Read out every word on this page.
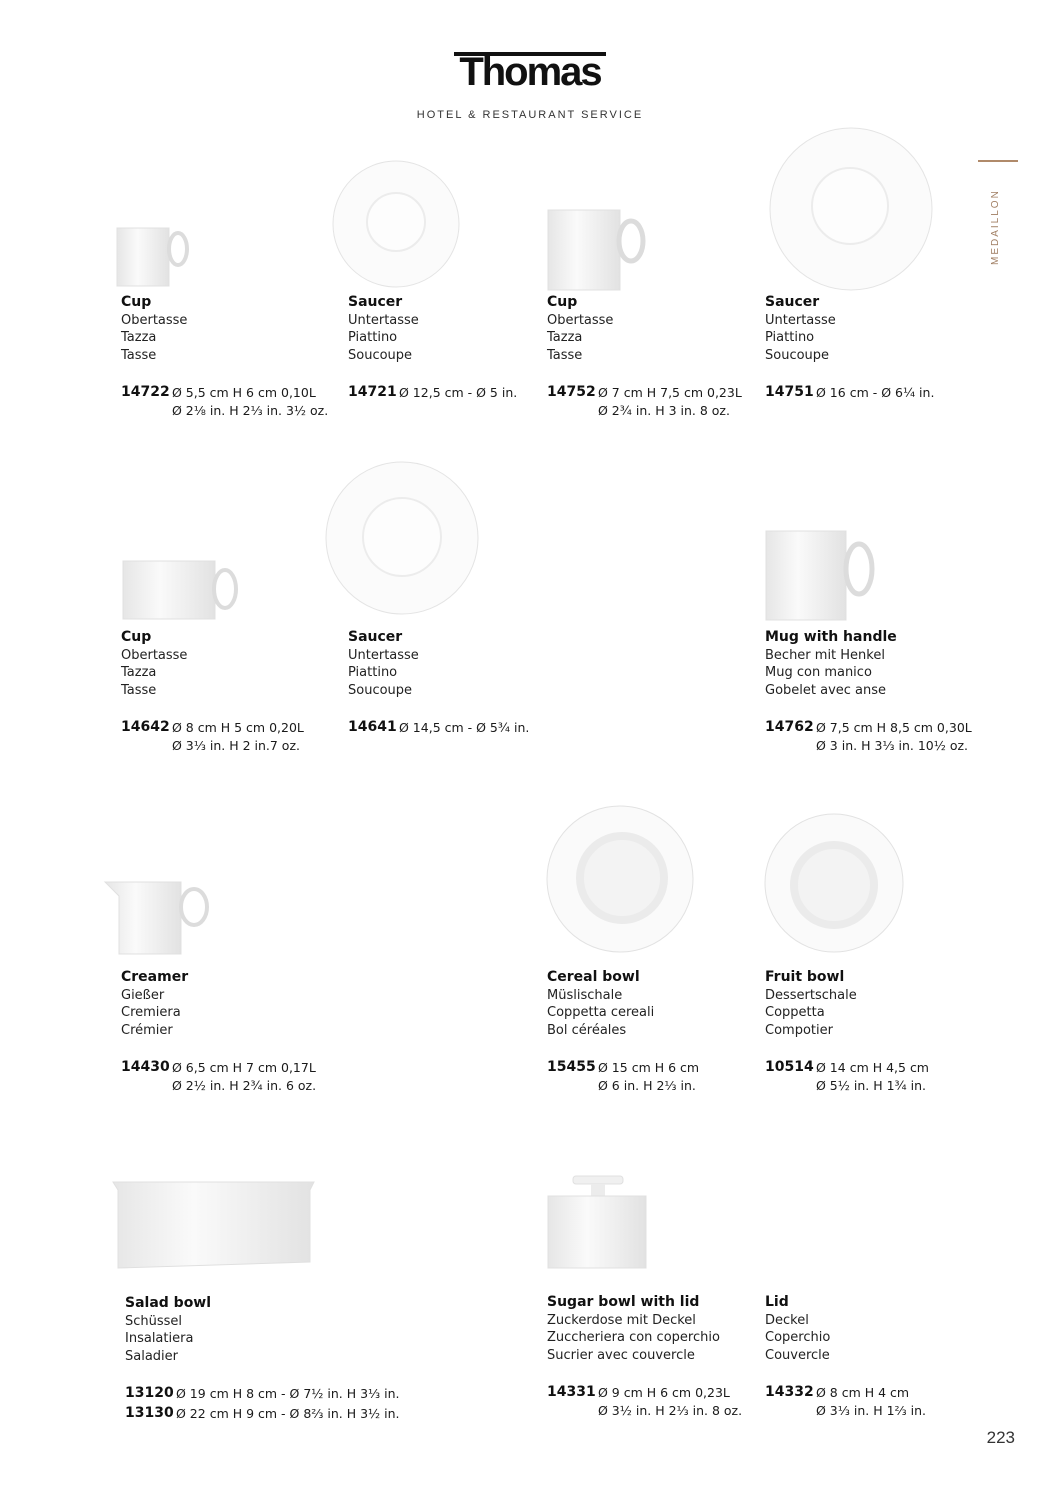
Thomas
HOTEL & RESTAURANT SERVICE
MEDAILLON
223
Cup
Obertasse
Tazza
Tasse
14722 Ø 5,5 cm H 6 cm 0,10L
Ø 2⅛ in. H 2⅓ in. 3½ oz.
Saucer
Untertasse
Piattino
Soucoupe
14721 Ø 12,5 cm - Ø 5 in.
Cup
Obertasse
Tazza
Tasse
14752 Ø 7 cm H 7,5 cm 0,23L
Ø 2¾ in. H 3 in. 8 oz.
Saucer
Untertasse
Piattino
Soucoupe
14751 Ø 16 cm - Ø 6¼ in.
Cup
Obertasse
Tazza
Tasse
14642 Ø 8 cm H 5 cm 0,20L
Ø 3⅓ in. H 2 in.7 oz.
Saucer
Untertasse
Piattino
Soucoupe
14641 Ø 14,5 cm - Ø 5¾ in.
Mug with handle
Becher mit Henkel
Mug con manico
Gobelet avec anse
14762 Ø 7,5 cm H 8,5 cm 0,30L
Ø 3 in. H 3⅓ in. 10½ oz.
Creamer
Gießer
Cremiera
Crémier
14430 Ø 6,5 cm H 7 cm 0,17L
Ø 2½ in. H 2¾ in. 6 oz.
Cereal bowl
Müslischale
Coppetta cereali
Bol céréales
15455 Ø 15 cm H 6 cm
Ø 6 in. H 2⅓ in.
Fruit bowl
Dessertschale
Coppetta
Compotier
10514 Ø 14 cm H 4,5 cm
Ø 5½ in. H 1¾ in.
Salad bowl
Schüssel
Insalatiera
Saladier
13120 Ø 19 cm H 8 cm - Ø 7½ in. H 3⅓ in.
13130 Ø 22 cm H 9 cm - Ø 8⅔ in. H 3½ in.
Sugar bowl with lid
Zuckerdose mit Deckel
Zuccheriera con coperchio
Sucrier avec couvercle
14331 Ø 9 cm H 6 cm 0,23L
Ø 3½ in. H 2⅓ in. 8 oz.
Lid
Deckel
Coperchio
Couvercle
14332 Ø 8 cm H 4 cm
Ø 3⅓ in. H 1⅔ in.
